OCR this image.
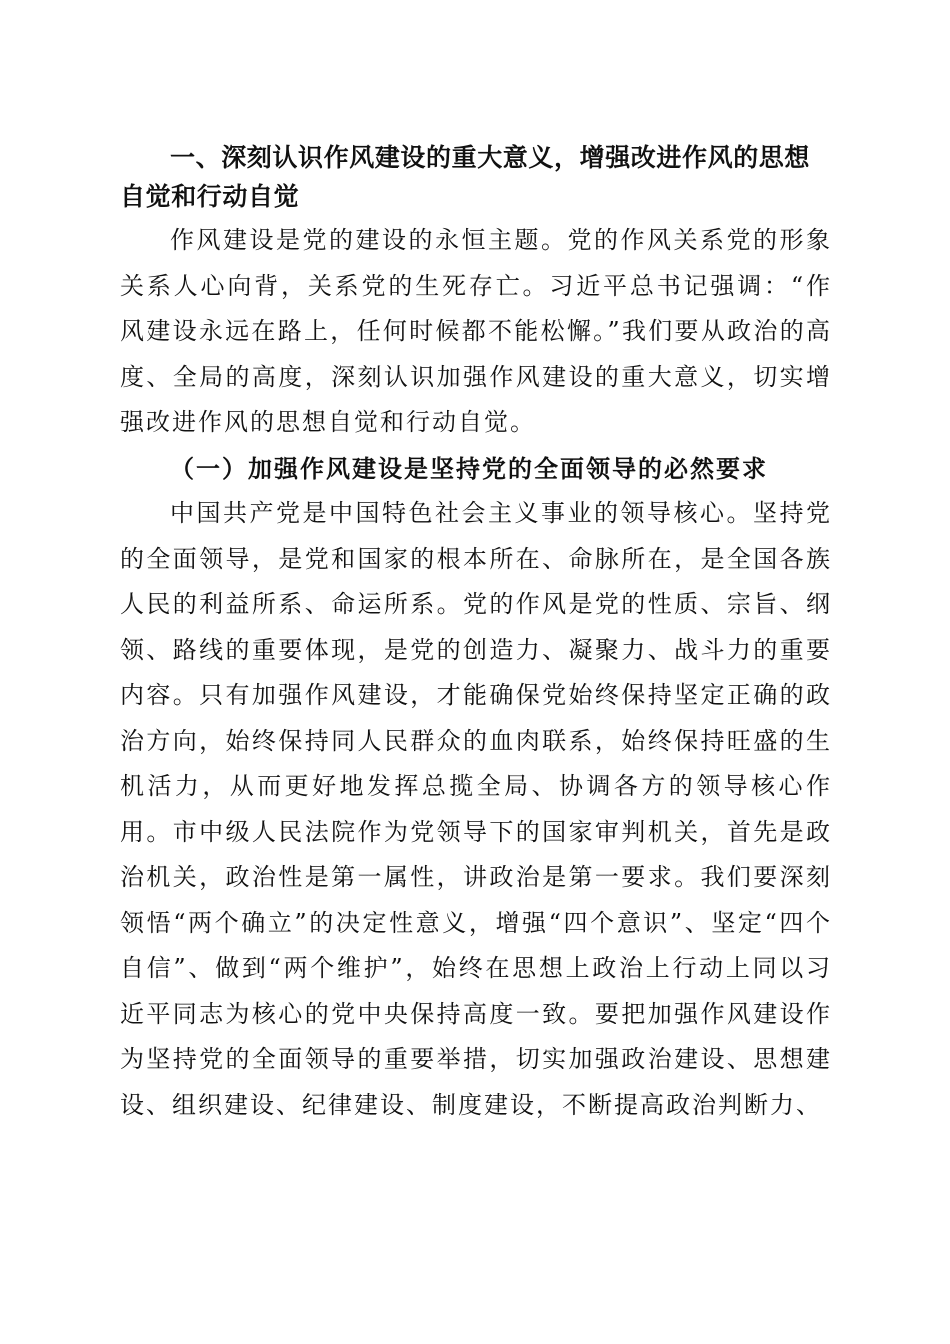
一、深刻认识作风建设的重大意义，增强改进作风的思想自觉和行动自觉

作风建设是党的建设的永恒主题。党的作风关系党的形象关系人心向背，关系党的生死存亡。习近平总书记强调：“作风建设永远在路上，任何时候都不能松懈。”我们要从政治的高度、全局的高度，深刻认识加强作风建设的重大意义，切实增强改进作风的思想自觉和行动自觉。

（一）加强作风建设是坚持党的全面领导的必然要求

中国共产党是中国特色社会主义事业的领导核心。坚持党的全面领导，是党和国家的根本所在、命脉所在，是全国各族人民的利益所系、命运所系。党的作风是党的性质、宗旨、纲领、路线的重要体现，是党的创造力、凝聚力、战斗力的重要内容。只有加强作风建设，才能确保党始终保持坚定正确的政治方向，始终保持同人民群众的血肉联系，始终保持旺盛的生机活力，从而更好地发挥总揽全局、协调各方的领导核心作用。市中级人民法院作为党领导下的国家审判机关，首先是政治机关，政治性是第一属性，讲政治是第一要求。我们要深刻领悟“两个确立”的决定性意义，增强“四个意识”、坚定“四个自信”、做到“两个维护”，始终在思想上政治上行动上同以习近平同志为核心的党中央保持高度一致。要把加强作风建设作为坚持党的全面领导的重要举措，切实加强政治建设、思想建设、组织建设、纪律建设、制度建设，不断提高政治判断力、
